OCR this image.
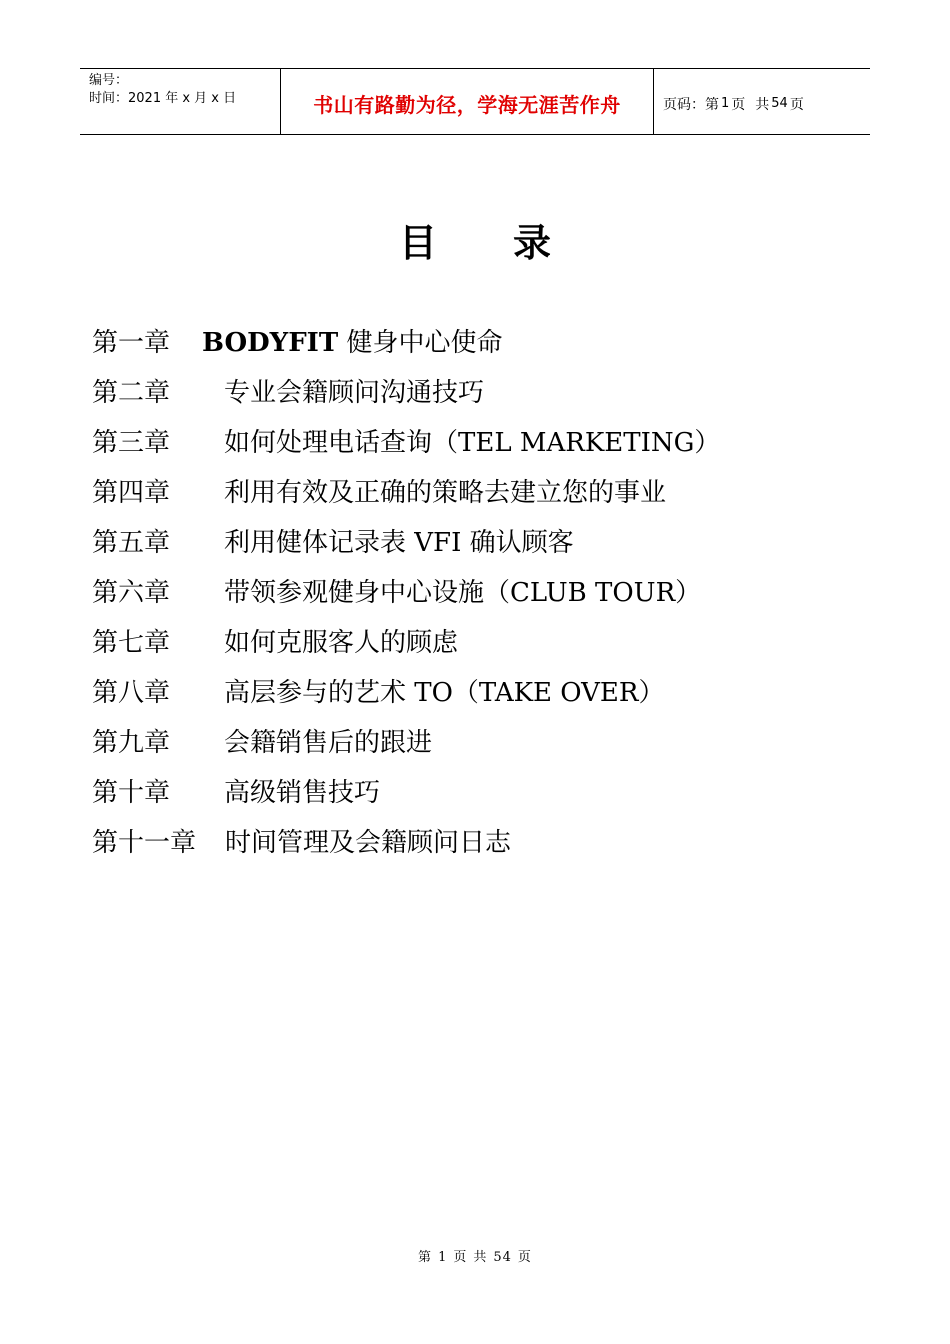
编号：
时间：2021 年 x 月 x 日	书山有路勤为径，学海无涯苦作舟	页码：第 1 页 共 54 页
目 录
第一章 BODYFIT 健身中心使命
第二章 专业会籍顾问沟通技巧
第三章 如何处理电话查询（TEL MARKETING）
第四章 利用有效及正确的策略去建立您的事业
第五章 利用健体记录表 VFI 确认顾客
第六章 带领参观健身中心设施（CLUB TOUR）
第七章 如何克服客人的顾虑
第八章 高层参与的艺术 TO（TAKE OVER）
第九章 会籍销售后的跟进
第十章 高级销售技巧
第十一章 时间管理及会籍顾问日志
第 1 页 共 54 页
